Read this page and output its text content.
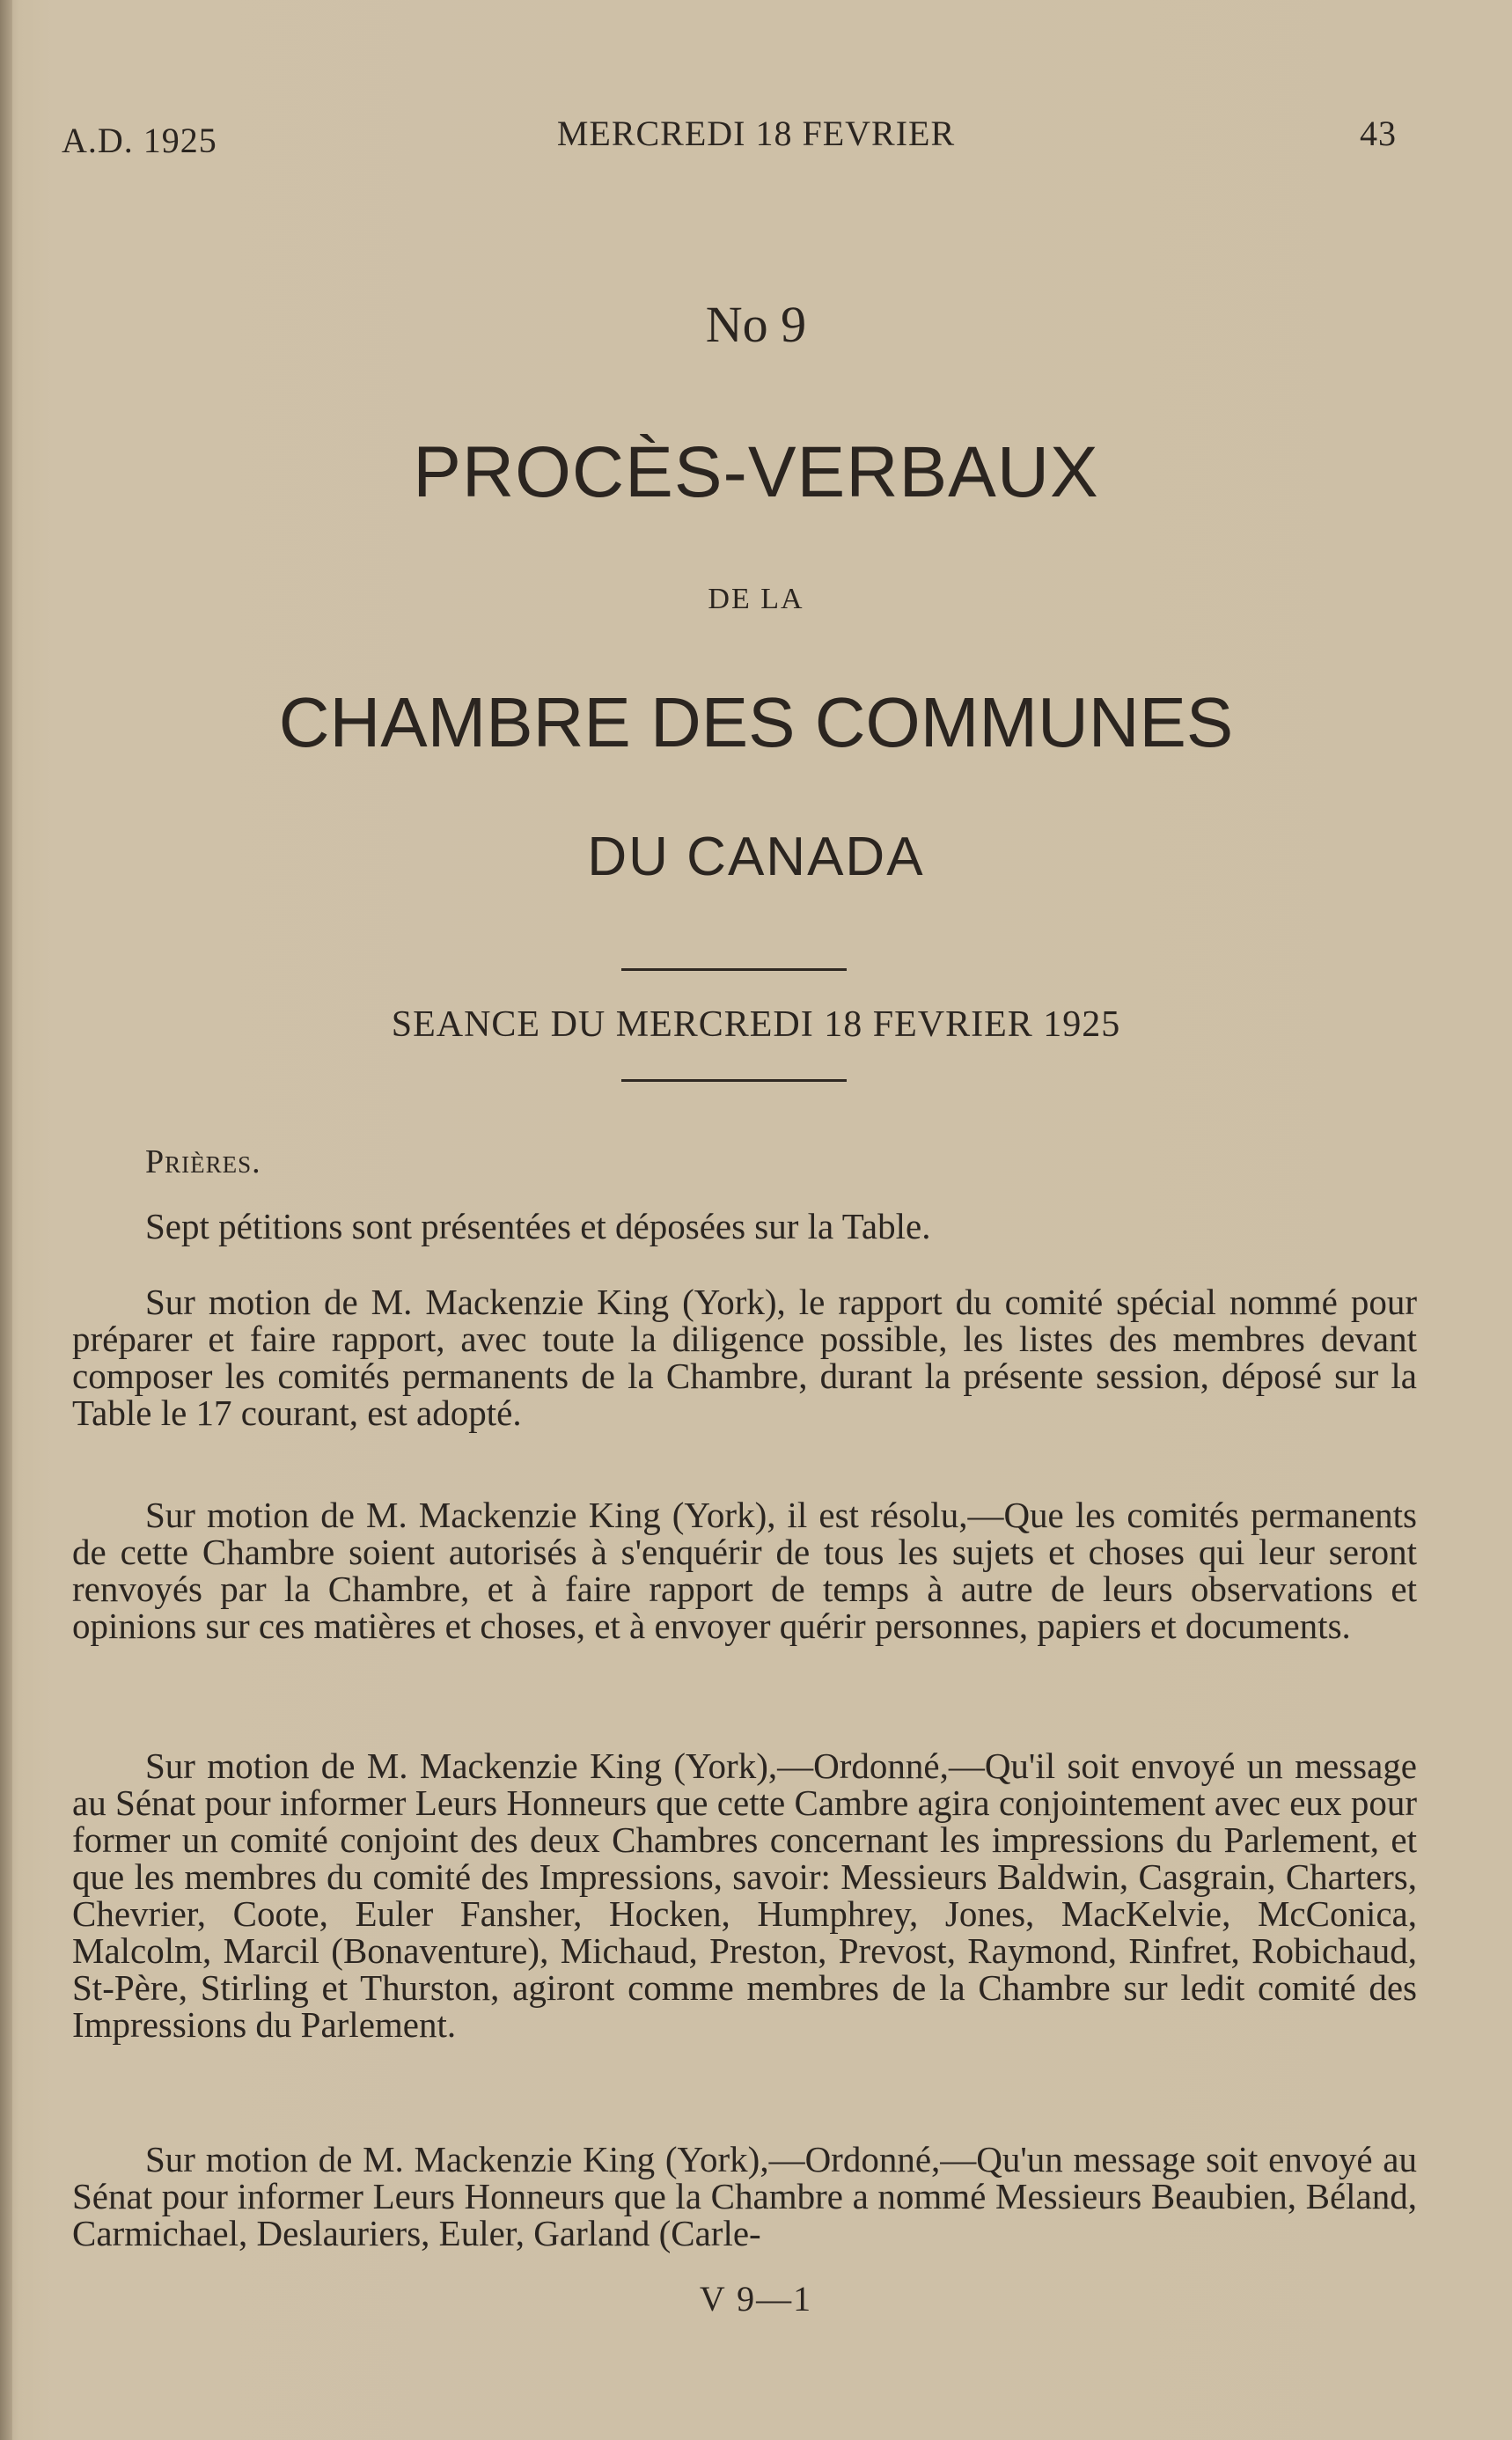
A.D. 1925	MERCREDI 18 FEVRIER	43
No 9
PROCÈS-VERBAUX
DE LA
CHAMBRE DES COMMUNES
DU CANADA
SEANCE DU MERCREDI 18 FEVRIER 1925
Prières.

Sept pétitions sont présentées et déposées sur la Table.

Sur motion de M. Mackenzie King (York), le rapport du comité spécial nommé pour préparer et faire rapport, avec toute la diligence possible, les listes des membres devant composer les comités permanents de la Chambre, durant la présente session, déposé sur la Table le 17 courant, est adopté.

Sur motion de M. Mackenzie King (York), il est résolu,—Que les comités permanents de cette Chambre soient autorisés à s'enquérir de tous les sujets et choses qui leur seront renvoyés par la Chambre, et à faire rapport de temps à autre de leurs observations et opinions sur ces matières et choses, et à envoyer quérir personnes, papiers et documents.

Sur motion de M. Mackenzie King (York),—Ordonné,—Qu'il soit envoyé un message au Sénat pour informer Leurs Honneurs que cette Cambre agira conjointement avec eux pour former un comité conjoint des deux Chambres concernant les impressions du Parlement, et que les membres du comité des Impressions, savoir: Messieurs Baldwin, Casgrain, Charters, Chevrier, Coote, Euler Fansher, Hocken, Humphrey, Jones, MacKelvie, McConica, Malcolm, Marcil (Bonaventure), Michaud, Preston, Prevost, Raymond, Rinfret, Robichaud, St-Père, Stirling et Thurston, agiront comme membres de la Chambre sur ledit comité des Impressions du Parlement.

Sur motion de M. Mackenzie King (York),—Ordonné,—Qu'un message soit envoyé au Sénat pour informer Leurs Honneurs que la Chambre a nommé Messieurs Beaubien, Béland, Carmichael, Deslauriers, Euler, Garland (Carle-

V 9—1
